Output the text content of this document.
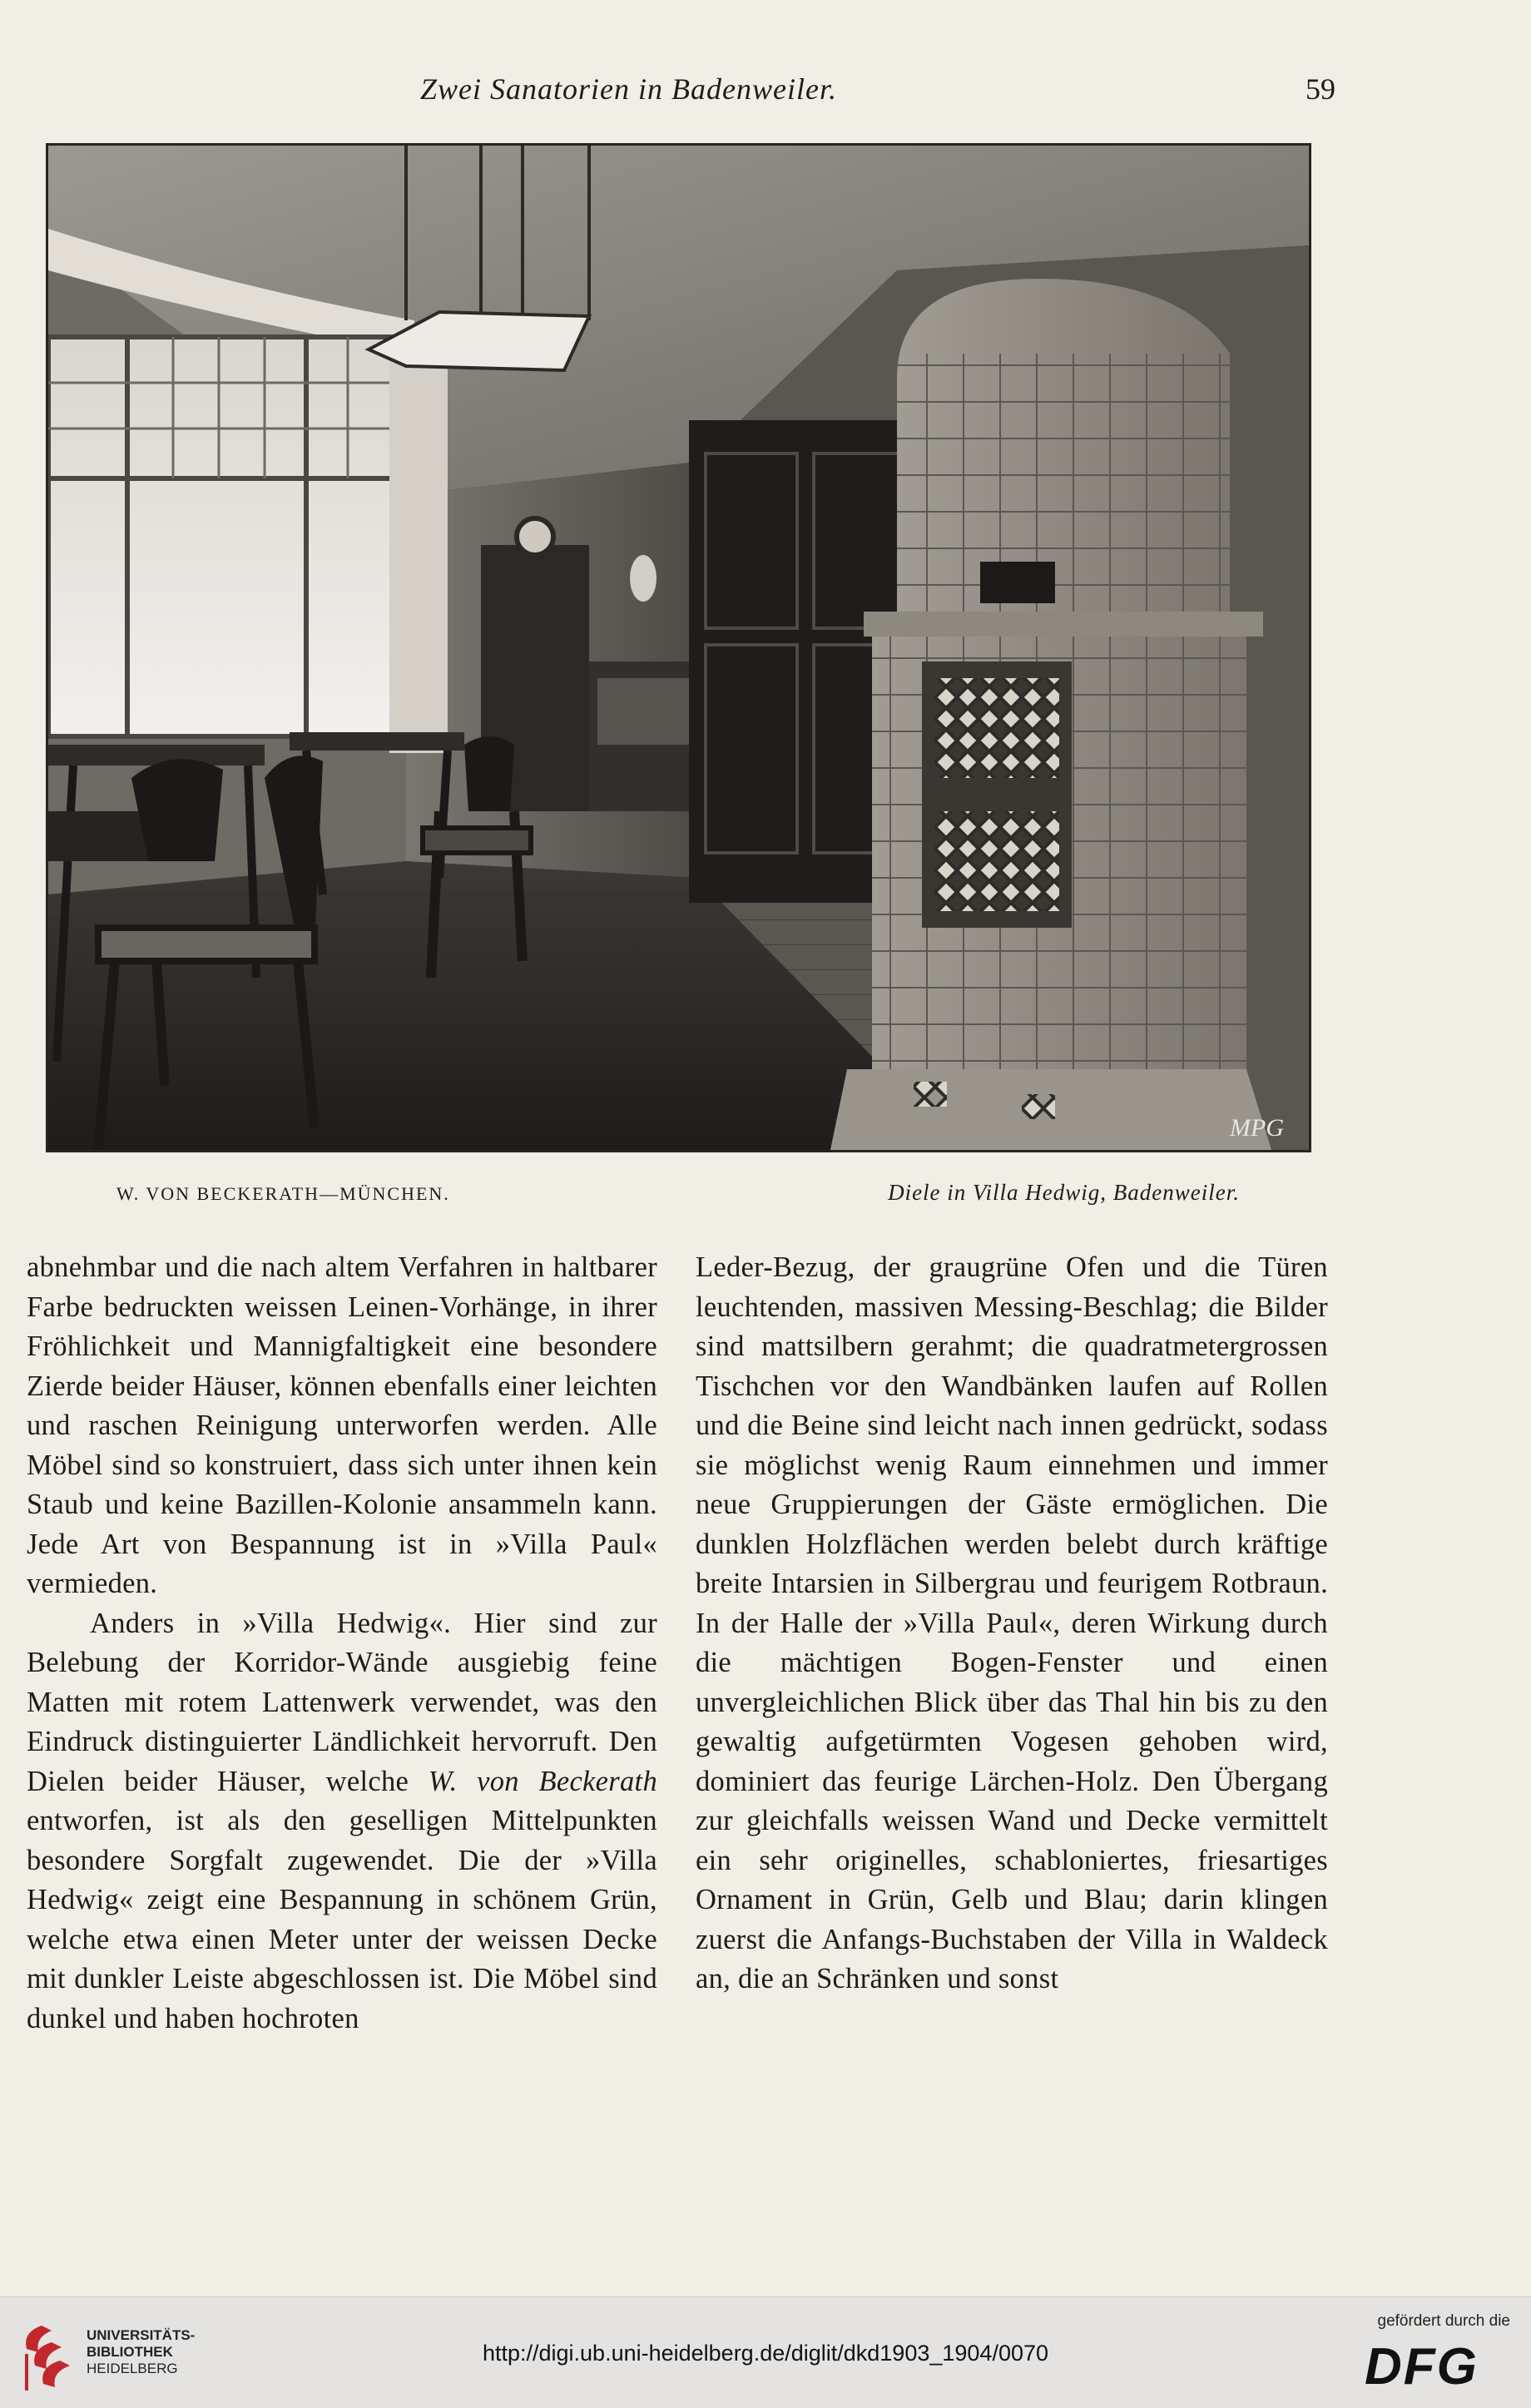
Zwei Sanatorien in Badenweiler.	59
MPG
W. VON BECKERATH—MÜNCHEN.	Diele in Villa Hedwig, Badenweiler.

abnehmbar und die nach altem Verfahren in haltbarer Farbe bedruckten weissen Leinen-Vorhänge, in ihrer Fröhlichkeit und Mannigfaltigkeit eine besondere Zierde beider Häuser, können ebenfalls einer leichten und raschen Reinigung unterworfen werden. Alle Möbel sind so konstruiert, dass sich unter ihnen kein Staub und keine Bazillen-Kolonie ansammeln kann. Jede Art von Bespannung ist in »Villa Paul« vermieden.

Anders in »Villa Hedwig«. Hier sind zur Belebung der Korridor-Wände ausgiebig feine Matten mit rotem Lattenwerk verwendet, was den Eindruck distinguierter Ländlichkeit hervorruft. Den Dielen beider Häuser, welche W. von Beckerath entworfen, ist als den geselligen Mittelpunkten besondere Sorgfalt zugewendet. Die der »Villa Hedwig« zeigt eine Bespannung in schönem Grün, welche etwa einen Meter unter der weissen Decke mit dunkler Leiste abgeschlossen ist. Die Möbel sind dunkel und haben hochroten

Leder-Bezug, der graugrüne Ofen und die Türen leuchtenden, massiven Messing-Beschlag; die Bilder sind mattsilbern gerahmt; die quadratmetergrossen Tischchen vor den Wandbänken laufen auf Rollen und die Beine sind leicht nach innen gedrückt, sodass sie möglichst wenig Raum einnehmen und immer neue Gruppierungen der Gäste ermöglichen. Die dunklen Holzflächen werden belebt durch kräftige breite Intarsien in Silbergrau und feurigem Rotbraun. In der Halle der »Villa Paul«, deren Wirkung durch die mächtigen Bogen-Fenster und einen unvergleichlichen Blick über das Thal hin bis zu den gewaltig aufgetürmten Vogesen gehoben wird, dominiert das feurige Lärchen-Holz. Den Übergang zur gleichfalls weissen Wand und Decke vermittelt ein sehr originelles, schabloniertes, friesartiges Ornament in Grün, Gelb und Blau; darin klingen zuerst die Anfangs-Buchstaben der Villa in Waldeck an, die an Schränken und sonst

UNIVERSITÄTS-
BIBLIOTHEK
HEIDELBERG
http://digi.ub.uni-heidelberg.de/diglit/dkd1903_1904/0070
gefördert durch die
DFG
